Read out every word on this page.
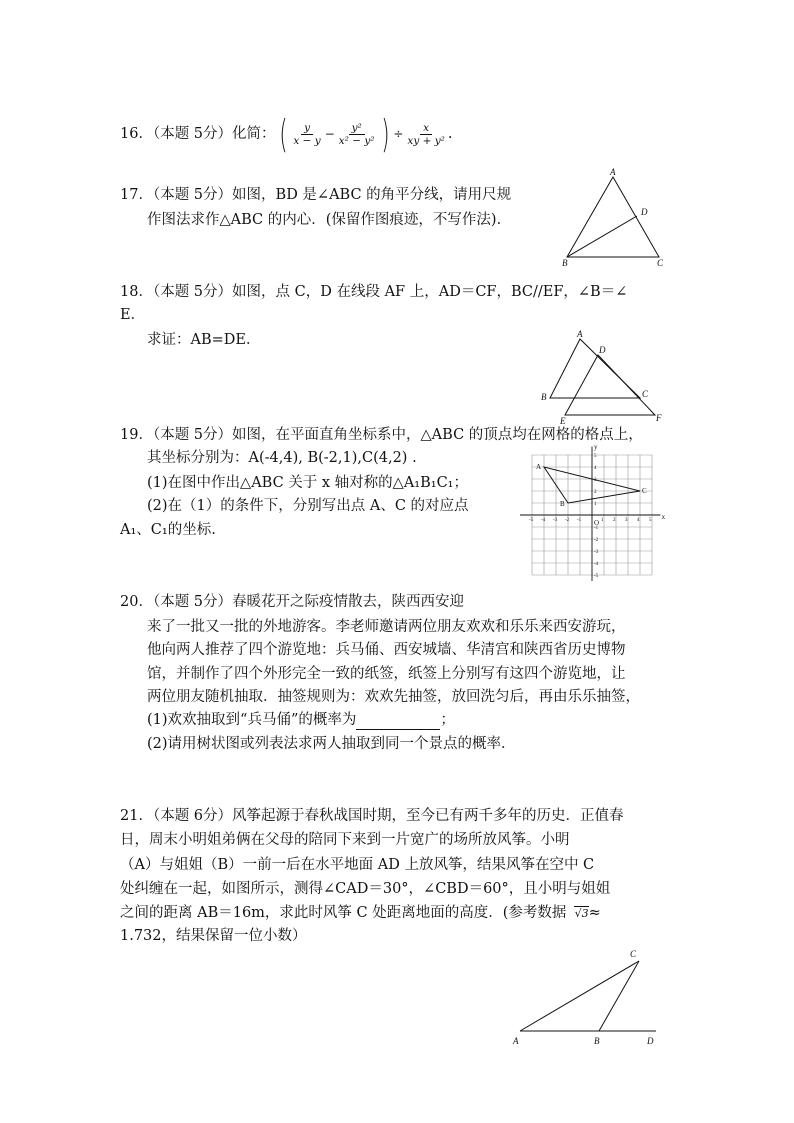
16．（本题 5分）化简：( $\frac{y}{x - y} - \frac{\text{y²}}{\text{x² − y²}}$ ) ÷ $\frac{x}{\text{xy + y²}}$ .
17．（本题 5分）如图，BD 是∠ABC 的角平分线，请用尺规
作图法求作△ABC 的内心．(保留作图痕迹，不写作法)．
A
D
B	C
18．（本题 5分）如图，点 C，D 在线段 AF 上，AD＝CF，BC//EF，∠B＝∠
E．
求证：AB=DE．	A
D
B	C
E	F
19．（本题 5分）如图，在平面直角坐标系中，△ABC 的顶点均在网格的格点上，
其坐标分别为：A(-4,4), B(-2,1),C(4,2) .
(1)在图中作出△ABC 关于 x 轴对称的△A₁B₁C₁；
(2)在（1）的条件下，分别写出点 A、C 的对应点
A₁、C₁的坐标.
-5 -4 -3 -2 -1	1 2 3 4 5
5
4
3
2
1
-1
-2
-3
-4
-5
O
x
y
A
B
C
20．（本题 5分）春暖花开之际疫情散去，陕西西安迎
来了一批又一批的外地游客。李老师邀请两位朋友欢欢和乐乐来西安游玩，
他向两人推荐了四个游览地：兵马俑、西安城墙、华清宫和陕西省历史博物
馆，并制作了四个外形完全一致的纸签，纸签上分别写有这四个游览地，让
两位朋友随机抽取．抽签规则为：欢欢先抽签，放回洗匀后，再由乐乐抽签，
(1)欢欢抽取到“兵马俑”的概率为	；
(2)请用树状图或列表法求两人抽取到同一个景点的概率．
21．（本题 6分）风筝起源于春秋战国时期，至今已有两千多年的历史．正值春
日，周末小明姐弟俩在父母的陪同下来到一片宽广的场所放风筝。小明
（A）与姐姐（B）一前一后在水平地面 AD 上放风筝，结果风筝在空中 C
处纠缠在一起，如图所示，测得∠CAD＝30°，∠CBD＝60°，且小明与姐姐
之间的距离 AB＝16m，求此时风筝 C 处距离地面的高度．(参考数据 √3≈
1.732，结果保留一位小数）
C
A	B	D
